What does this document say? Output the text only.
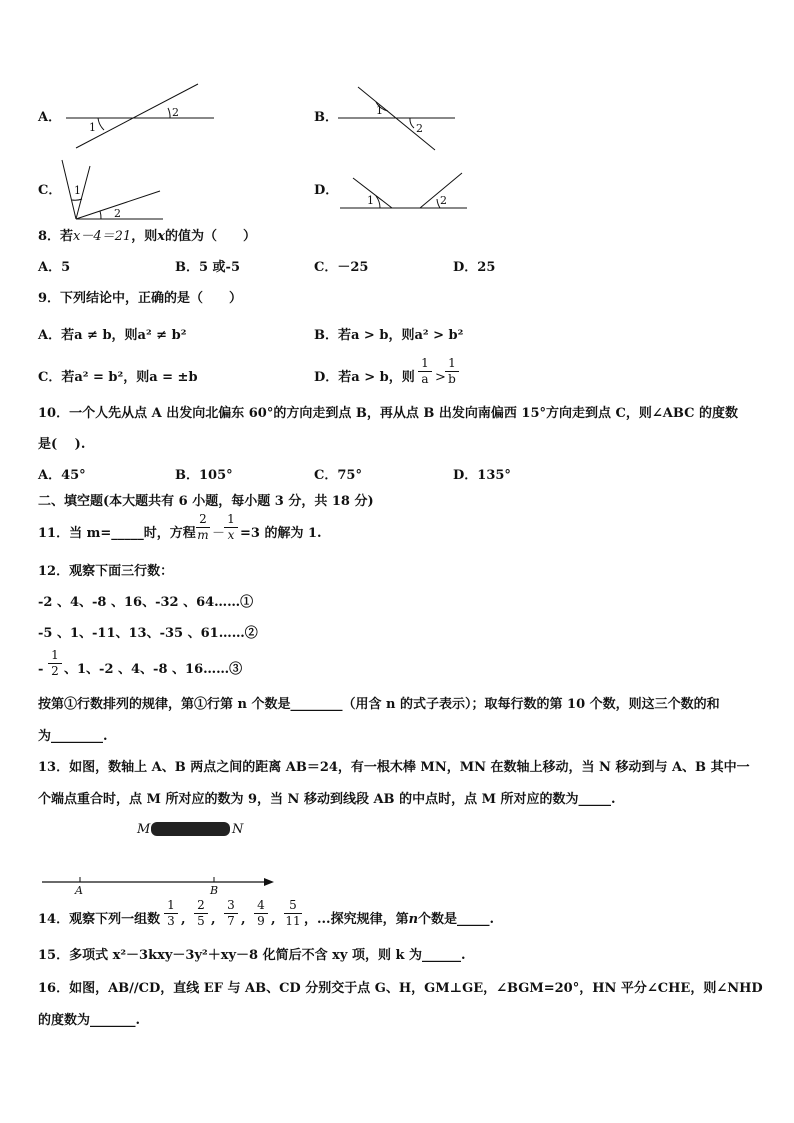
A．
1
2	B．	1
2
C． 1
2
D．
1	2
8．若x－4＝21，则x的值为（　　）
A．5	B．5 或-5	C．－25	D．25
9．下列结论中，正确的是（　　）
A．若a ≠ b，则a² ≠ b²	B．若a > b，则a² > b²
C．若a² = b²，则a = ±b	D．若a > b，则
1
a >
1
b
10．一个人先从点 A 出发向北偏东 60°的方向走到点 B，再从点 B 出发向南偏西 15°方向走到点 C，则∠ABC 的度数
是(　 ).
A．45°	B．105°	C．75°	D．135°
二、填空题(本大题共有 6 小题，每小题 3 分，共 18 分)
11．当 m=_____时，方程
2
m －
1
x =3 的解为 1.
12．观察下面三行数：
-2 、4、-8 、16、-32 、64……①
-5 、1、-11、13、-35 、61……②
-
1
2 、1、-2 、4、-8 、16……③
按第①行数排列的规律，第①行第 n 个数是________（用含 n 的式子表示）；取每行数的第 10 个数，则这三个数的和
为________.
13．如图，数轴上 A、B 两点之间的距离 AB＝24，有一根木棒 MN，MN 在数轴上移动，当 N 移动到与 A、B 其中一
个端点重合时，点 M 所对应的数为 9，当 N 移动到线段 AB 的中点时，点 M 所对应的数为_____.
M	N
A	B
14．观察下列一组数
1
3 ,
2
5 ,
3
7 ,
4
9 ,
5
11 ，...探究规律，第n个数是_____.
15．多项式 x²－3kxy－3y²＋xy－8 化简后不含 xy 项，则 k 为______.
16．如图，AB//CD，直线 EF 与 AB、CD 分别交于点 G、H，GM⊥GE，∠BGM=20°，HN 平分∠CHE，则∠NHD
的度数为_______.
